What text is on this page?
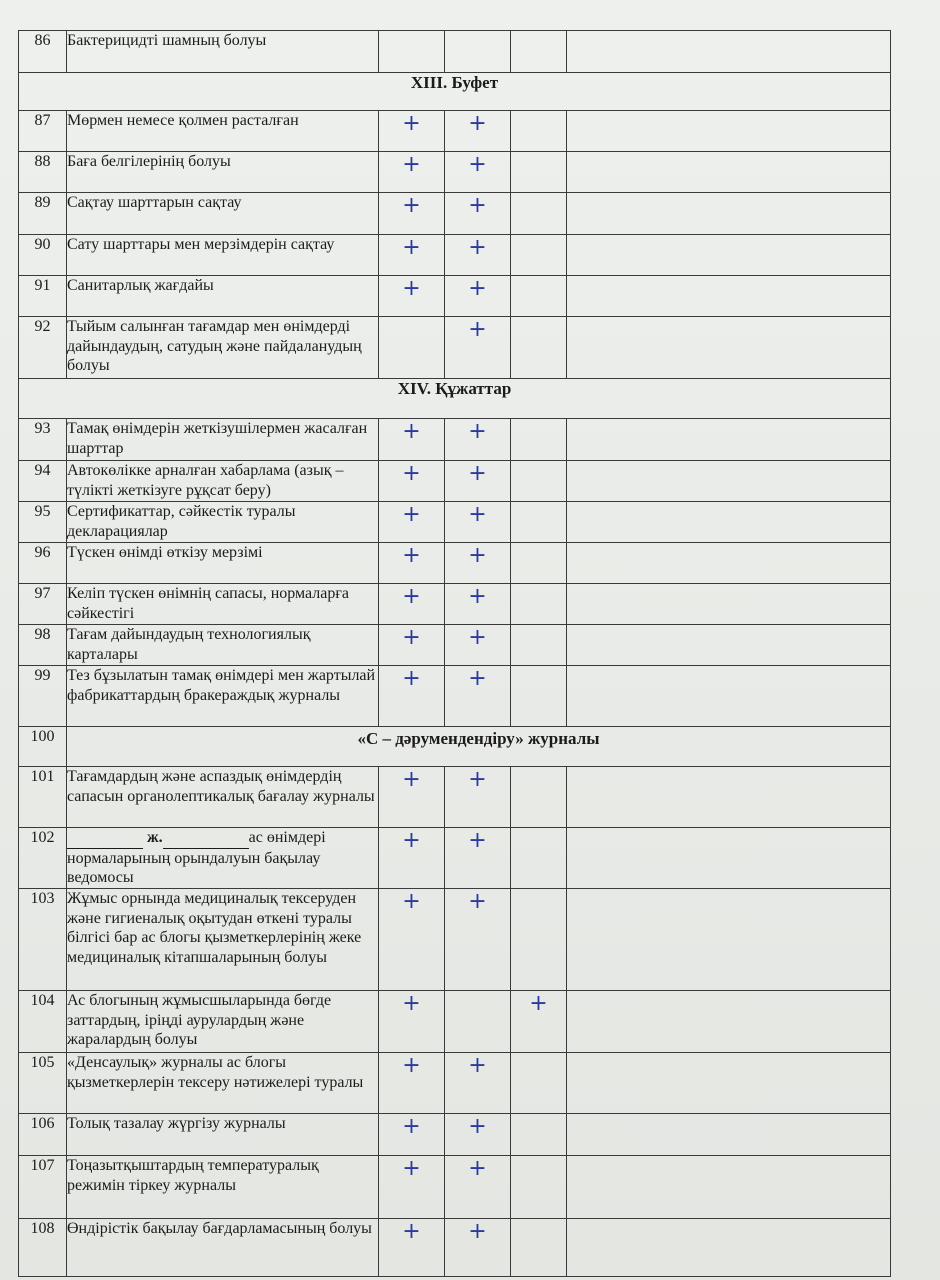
86	Бактерицидті шамның болуы				
XIII. Буфет					
87	Мөрмен немесе қолмен расталған	+	+		
88	Баға белгілерінің болуы	+	+		
89	Сақтау шарттарын сақтау	+	+		
90	Сату шарттары мен мерзімдерін сақтау	+	+		
91	Санитарлық жағдайы	+	+		
92	Тыйым салынған тағамдар мен өнімдерді дайындаудың, сатудың және пайдаланудың болуы		+		
XIV. Құжаттар					
93	Тамақ өнімдерін жеткізушілермен жасалған шарттар	+	+		
94	Автокөлікке арналған хабарлама (азық – түлікті жеткізуге рұқсат беру)	+	+		
95	Сертификаттар, сәйкестік туралы декларациялар	+	+		
96	Түскен өнімді өткізу мерзімі	+	+		
97	Келіп түскен өнімнің сапасы, нормаларға сәйкестігі	+	+		
98	Тағам дайындаудың технологиялық карталары	+	+		
99	Тез бұзылатын тамақ өнімдері мен жартылай фабрикаттардың бракераждық журналы	+	+		
100	«С – дәрумендендіру» журналы				
101	Тағамдардың және аспаздық өнімдердің сапасын органолептикалық бағалау журналы	+	+		
102	ж. ас өнімдері нормаларының орындалуын бақылау ведомосы	+	+		
103	Жұмыс орнында медициналық тексеруден және гигиеналық оқытудан өткені туралы білгісі бар ас блогы қызметкерлерінің жеке медициналық кітапшаларының болуы	+	+		
104	Ас блогының жұмысшыларында бөгде заттардың, іріңді аурулардың және жаралардың болуы	+		+	
105	«Денсаулық» журналы ас блогы қызметкерлерін тексеру нәтижелері туралы	+	+		
106	Толық тазалау жүргізу журналы	+	+		
107	Тоңазытқыштардың температуралық режимін тіркеу журналы	+	+		
108	Өндірістік бақылау бағдарламасының болуы	+	+		
